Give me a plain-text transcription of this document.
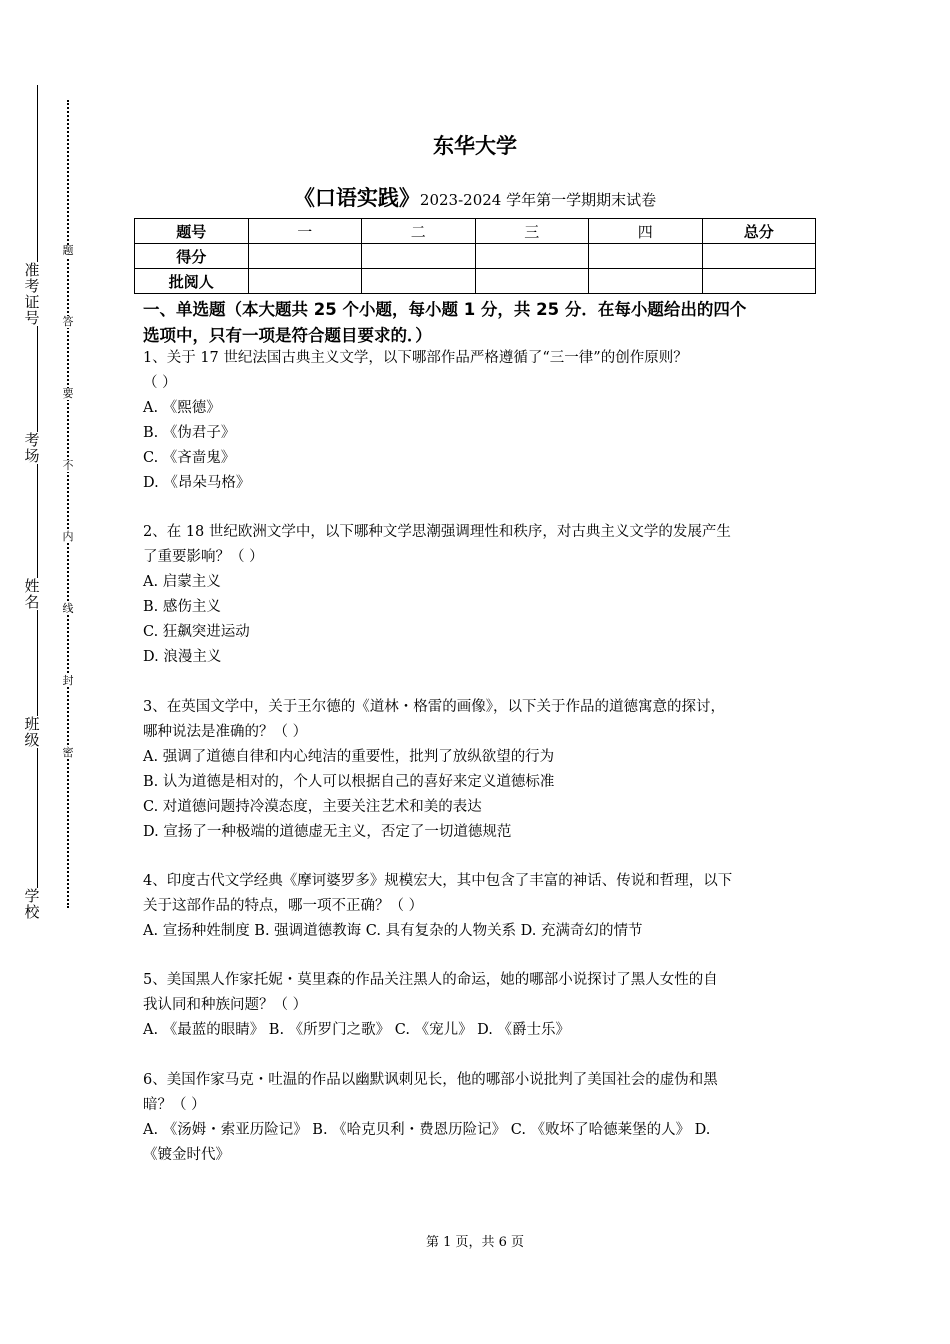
准
考
证
号
考
场
姓
名
班
级
学
校
题
答
要
不
内
线
封
密
东华大学
《口语实践》2023-2024 学年第一学期期末试卷
题号	一	二	三	四	总分
得分					
批阅人					
一、单选题（本大题共 25 个小题，每小题 1 分，共 25 分．在每小题给出的四个
选项中，只有一项是符合题目要求的．）

1、关于 17 世纪法国古典主义文学，以下哪部作品严格遵循了“三一律”的创作原则？

（ ）

A. 《熙德》

B. 《伪君子》

C. 《吝啬鬼》

D. 《昂朵马格》

2、在 18 世纪欧洲文学中，以下哪种文学思潮强调理性和秩序，对古典主义文学的发展产生

了重要影响？（ ）

A. 启蒙主义

B. 感伤主义

C. 狂飙突进运动

D. 浪漫主义

3、在英国文学中，关于王尔德的《道林・格雷的画像》，以下关于作品的道德寓意的探讨，

哪种说法是准确的？（ ）

A. 强调了道德自律和内心纯洁的重要性，批判了放纵欲望的行为

B. 认为道德是相对的，个人可以根据自己的喜好来定义道德标准

C. 对道德问题持冷漠态度，主要关注艺术和美的表达

D. 宣扬了一种极端的道德虚无主义，否定了一切道德规范

4、印度古代文学经典《摩诃婆罗多》规模宏大，其中包含了丰富的神话、传说和哲理，以下

关于这部作品的特点，哪一项不正确？（ ）

A. 宣扬种姓制度 B. 强调道德教诲 C. 具有复杂的人物关系 D. 充满奇幻的情节

5、美国黑人作家托妮・莫里森的作品关注黑人的命运，她的哪部小说探讨了黑人女性的自

我认同和种族问题？（ ）

A. 《最蓝的眼睛》 B. 《所罗门之歌》 C. 《宠儿》 D. 《爵士乐》

6、美国作家马克・吐温的作品以幽默讽刺见长，他的哪部小说批判了美国社会的虚伪和黑

暗？（ ）

A. 《汤姆・索亚历险记》 B. 《哈克贝利・费恩历险记》 C. 《败坏了哈德莱堡的人》 D.

《镀金时代》

第 1 页，共 6 页
